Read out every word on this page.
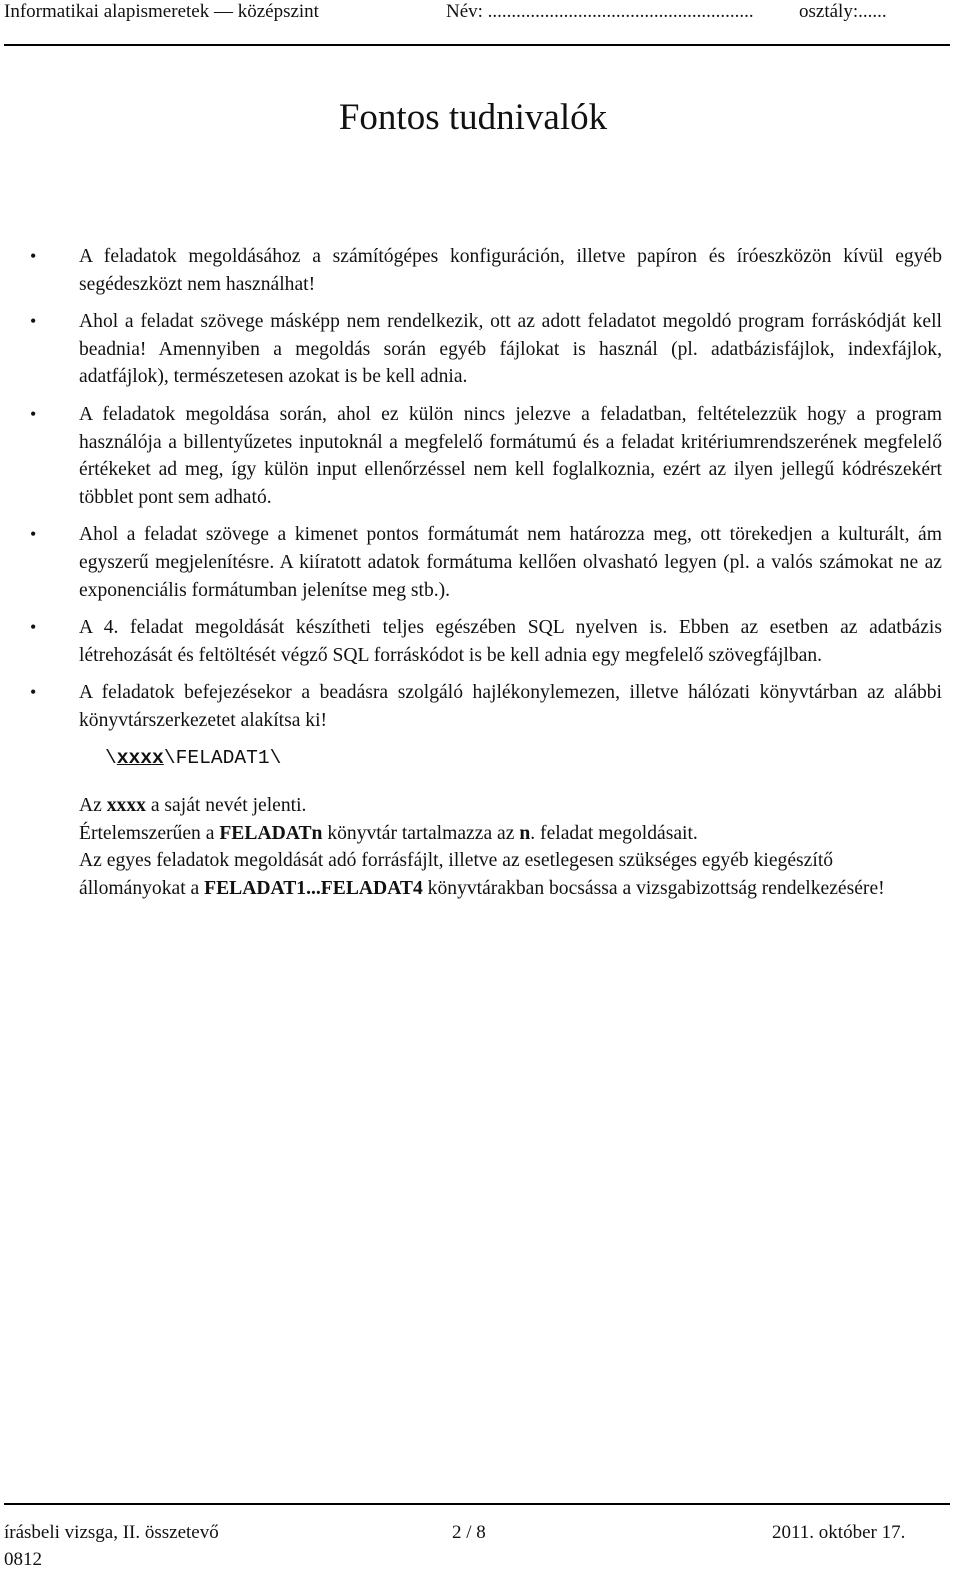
Informatikai alapismeretek — középszint	Név: ........................................................ osztály:......
Fontos tudnivalók
•	A feladatok megoldásához a számítógépes konfiguráción, illetve papíron és íróeszközön kívül egyéb segédeszközt nem használhat!
•	Ahol a feladat szövege másképp nem rendelkezik, ott az adott feladatot megoldó program forráskódját kell beadnia! Amennyiben a megoldás során egyéb fájlokat is használ (pl. adatbázisfájlok, indexfájlok, adatfájlok), természetesen azokat is be kell adnia.
•	A feladatok megoldása során, ahol ez külön nincs jelezve a feladatban, feltételezzük hogy a program használója a billentyűzetes inputoknál a megfelelő formátumú és a feladat kritériumrendszerének megfelelő értékeket ad meg, így külön input ellenőrzéssel nem kell foglalkoznia, ezért az ilyen jellegű kódrészekért többlet pont sem adható.
•	Ahol a feladat szövege a kimenet pontos formátumát nem határozza meg, ott törekedjen a kulturált, ám egyszerű megjelenítésre. A kiíratott adatok formátuma kellően olvasható legyen (pl. a valós számokat ne az exponenciális formátumban jelenítse meg stb.).
•	A 4. feladat megoldását készítheti teljes egészében SQL nyelven is. Ebben az esetben az adatbázis létrehozását és feltöltését végző SQL forráskódot is be kell adnia egy megfelelő szövegfájlban.
•	A feladatok befejezésekor a beadásra szolgáló hajlékonylemezen, illetve hálózati könyvtárban az alábbi könyvtárszerkezetet alakítsa ki!
\xxxx\FELADAT1\

Az xxxx a saját nevét jelenti.

Értelemszerűen a FELADATn könyvtár tartalmazza az n. feladat megoldásait.

Az egyes feladatok megoldását adó forrásfájlt, illetve az esetlegesen szükséges egyéb kiegészítő állományokat a FELADAT1...FELADAT4 könyvtárakban bocsássa a vizsgabizottság rendelkezésére!

írásbeli vizsga, II. összetevő	2 / 8	2011. október 17.
0812
